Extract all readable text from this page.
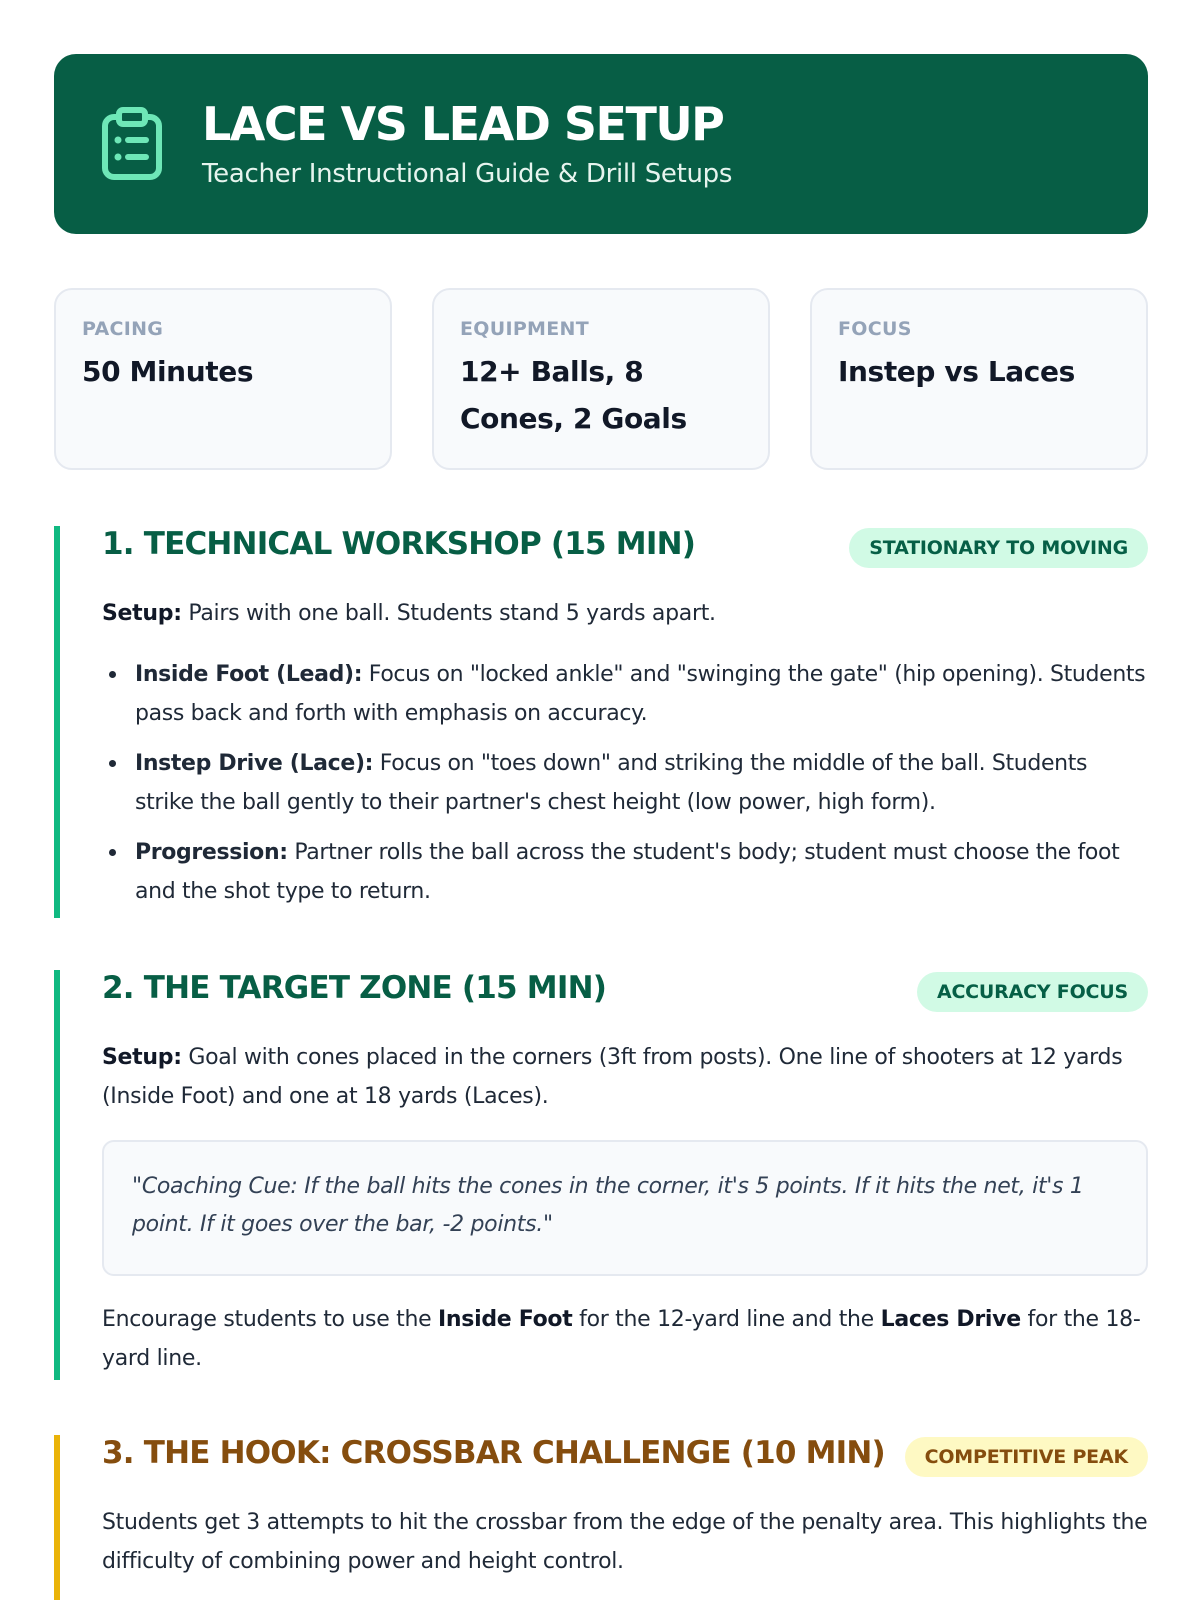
LACE VS LEAD SETUP
Teacher Instructional Guide & Drill Setups
PACING
50 Minutes
EQUIPMENT
12+ Balls, 8 Cones, 2 Goals
FOCUS
Instep vs Laces
1. TECHNICAL WORKSHOP (15 MIN)	STATIONARY TO MOVING
Setup: Pairs with one ball. Students stand 5 yards apart.
Inside Foot (Lead): Focus on "locked ankle" and "swinging the gate" (hip opening). Students pass back and forth with emphasis on accuracy.
Instep Drive (Lace): Focus on "toes down" and striking the middle of the ball. Students strike the ball gently to their partner's chest height (low power, high form).
Progression: Partner rolls the ball across the student's body; student must choose the foot and the shot type to return.
2. THE TARGET ZONE (15 MIN)	ACCURACY FOCUS
Setup: Goal with cones placed in the corners (3ft from posts). One line of shooters at 12 yards (Inside Foot) and one at 18 yards (Laces).
"Coaching Cue: If the ball hits the cones in the corner, it's 5 points. If it hits the net, it's 1 point. If it goes over the bar, -2 points."
Encourage students to use the Inside Foot for the 12-yard line and the Laces Drive for the 18-yard line.
3. THE HOOK: CROSSBAR CHALLENGE (10 MIN)	COMPETITIVE PEAK
Students get 3 attempts to hit the crossbar from the edge of the penalty area. This highlights the difficulty of combining power and height control.
